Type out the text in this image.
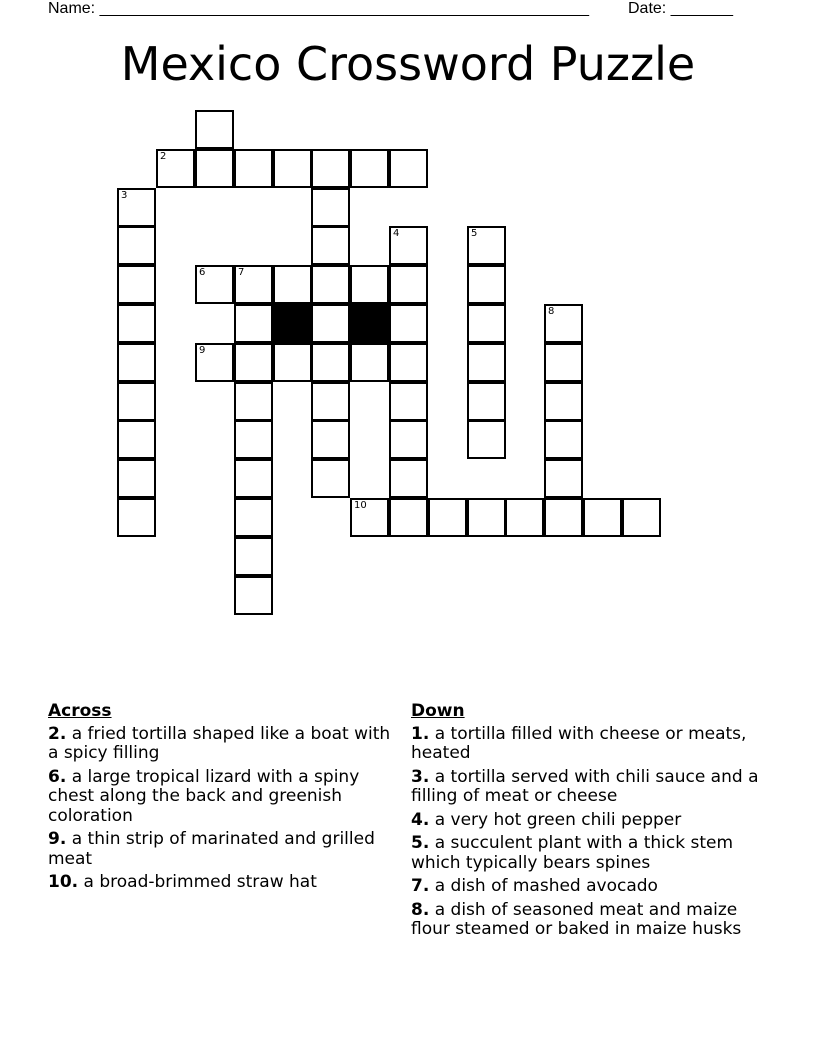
Name: _______________________________________________________ Date: _______
Mexico Crossword Puzzle
2
3
4	5
6	7
8
9
10
Across
2. a fried tortilla shaped like a boat with a spicy filling
6. a large tropical lizard with a spiny chest along the back and greenish coloration
9. a thin strip of marinated and grilled meat
10. a broad-brimmed straw hat
Down
1. a tortilla filled with cheese or meats, heated
3. a tortilla served with chili sauce and a filling of meat or cheese
4. a very hot green chili pepper
5. a succulent plant with a thick stem which typically bears spines
7. a dish of mashed avocado
8. a dish of seasoned meat and maize flour steamed or baked in maize husks
